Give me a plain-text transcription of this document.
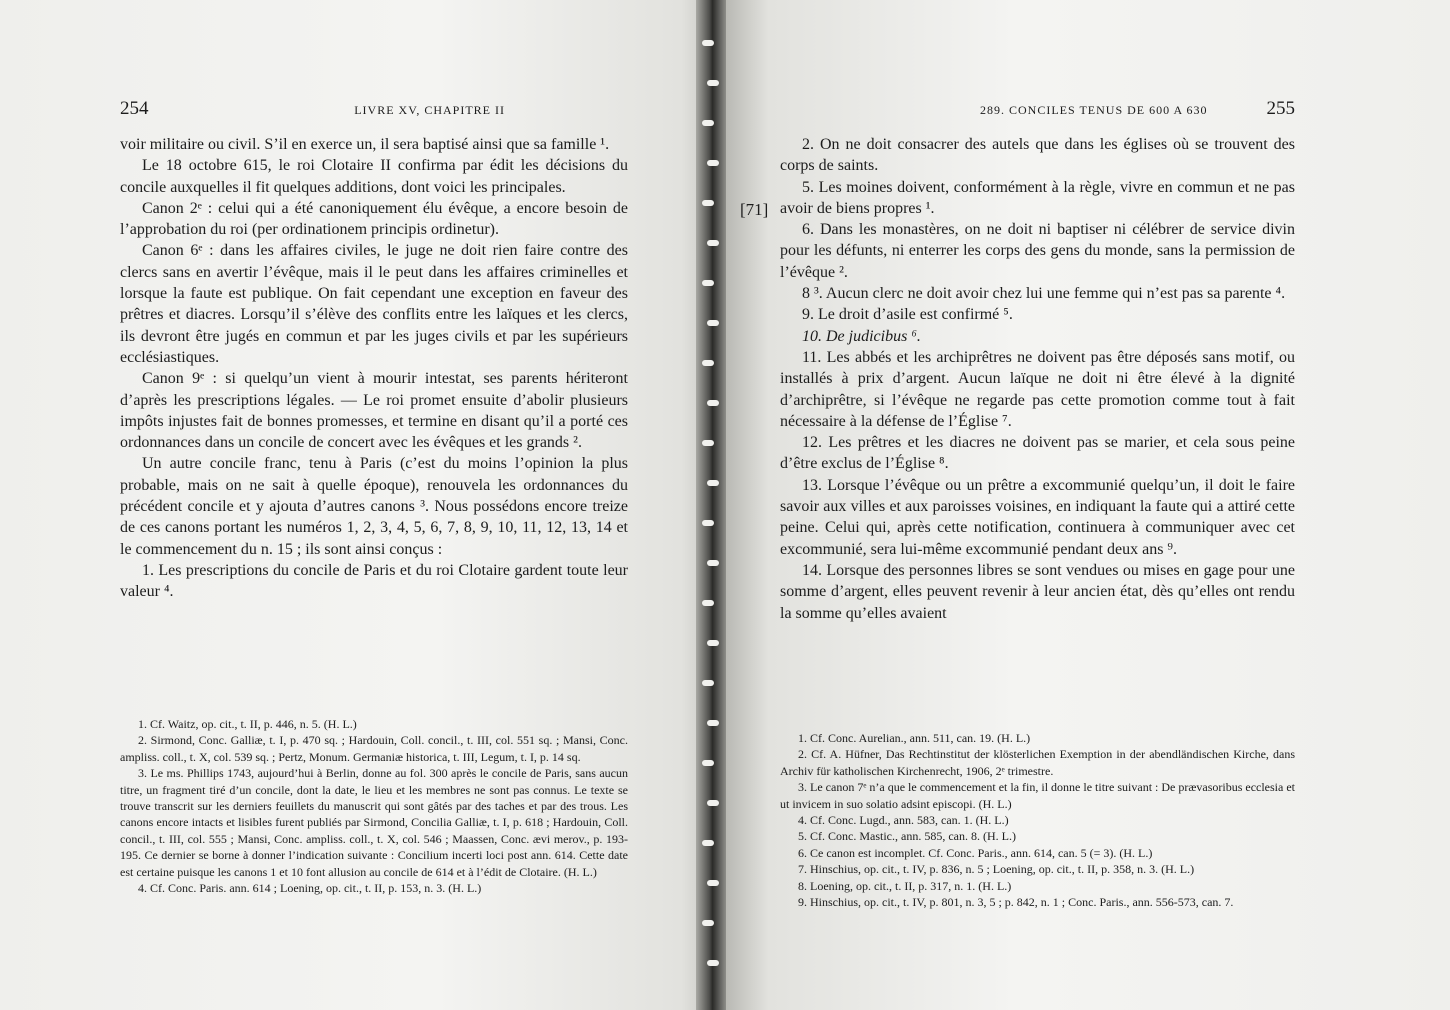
254	LIVRE XV, CHAPITRE II

voir militaire ou civil. S’il en exerce un, il sera baptisé ainsi que sa famille ¹.

Le 18 octobre 615, le roi Clotaire II confirma par édit les décisions du concile auxquelles il fit quelques additions, dont voici les principales.

Canon 2ᵉ : celui qui a été canoniquement élu évêque, a encore besoin de l’approbation du roi (per ordinationem principis ordinetur).

Canon 6ᵉ : dans les affaires civiles, le juge ne doit rien faire contre des clercs sans en avertir l’évêque, mais il le peut dans les affaires criminelles et lorsque la faute est publique. On fait cependant une exception en faveur des prêtres et diacres. Lorsqu’il s’élève des conflits entre les laïques et les clercs, ils devront être jugés en commun et par les juges civils et par les supérieurs ecclésiastiques.

Canon 9ᵉ : si quelqu’un vient à mourir intestat, ses parents hériteront d’après les prescriptions légales. — Le roi promet ensuite d’abolir plusieurs impôts injustes fait de bonnes promesses, et termine en disant qu’il a porté ces ordonnances dans un concile de concert avec les évêques et les grands ².

Un autre concile franc, tenu à Paris (c’est du moins l’opinion la plus probable, mais on ne sait à quelle époque), renouvela les ordonnances du précédent concile et y ajouta d’autres canons ³. Nous possédons encore treize de ces canons portant les numéros 1, 2, 3, 4, 5, 6, 7, 8, 9, 10, 11, 12, 13, 14 et le commencement du n. 15 ; ils sont ainsi conçus :

1. Les prescriptions du concile de Paris et du roi Clotaire gardent toute leur valeur ⁴.

1. Cf. Waitz, op. cit., t. II, p. 446, n. 5. (H. L.)

2. Sirmond, Conc. Galliæ, t. I, p. 470 sq. ; Hardouin, Coll. concil., t. III, col. 551 sq. ; Mansi, Conc. ampliss. coll., t. X, col. 539 sq. ; Pertz, Monum. Germaniæ historica, t. III, Legum, t. I, p. 14 sq.

3. Le ms. Phillips 1743, aujourd’hui à Berlin, donne au fol. 300 après le concile de Paris, sans aucun titre, un fragment tiré d’un concile, dont la date, le lieu et les membres ne sont pas connus. Le texte se trouve transcrit sur les derniers feuillets du manuscrit qui sont gâtés par des taches et par des trous. Les canons encore intacts et lisibles furent publiés par Sirmond, Concilia Galliæ, t. I, p. 618 ; Hardouin, Coll. concil., t. III, col. 555 ; Mansi, Conc. ampliss. coll., t. X, col. 546 ; Maassen, Conc. ævi merov., p. 193-195. Ce dernier se borne à donner l’indication suivante : Concilium incerti loci post ann. 614. Cette date est certaine puisque les canons 1 et 10 font allusion au concile de 614 et à l’édit de Clotaire. (H. L.)

4. Cf. Conc. Paris. ann. 614 ; Loening, op. cit., t. II, p. 153, n. 3. (H. L.)

289. CONCILES TENUS DE 600 A 630	255

2. On ne doit consacrer des autels que dans les églises où se trouvent des corps de saints.

5. Les moines doivent, conformément à la règle, vivre en commun et ne pas avoir de biens propres ¹.

6. Dans les monastères, on ne doit ni baptiser ni célébrer de service divin pour les défunts, ni enterrer les corps des gens du monde, sans la permission de l’évêque ².

8 ³. Aucun clerc ne doit avoir chez lui une femme qui n’est pas sa parente ⁴.

9. Le droit d’asile est confirmé ⁵.

10. De judicibus ⁶.

11. Les abbés et les archiprêtres ne doivent pas être déposés sans motif, ou installés à prix d’argent. Aucun laïque ne doit ni être élevé à la dignité d’archiprêtre, si l’évêque ne regarde pas cette promotion comme tout à fait nécessaire à la défense de l’Église ⁷.

12. Les prêtres et les diacres ne doivent pas se marier, et cela sous peine d’être exclus de l’Église ⁸.

13. Lorsque l’évêque ou un prêtre a excommunié quelqu’un, il doit le faire savoir aux villes et aux paroisses voisines, en indiquant la faute qui a attiré cette peine. Celui qui, après cette notification, continuera à communiquer avec cet excommunié, sera lui-même excommunié pendant deux ans ⁹.

14. Lorsque des personnes libres se sont vendues ou mises en gage pour une somme d’argent, elles peuvent revenir à leur ancien état, dès qu’elles ont rendu la somme qu’elles avaient

1. Cf. Conc. Aurelian., ann. 511, can. 19. (H. L.)

2. Cf. A. Hüfner, Das Rechtinstitut der klösterlichen Exemption in der abendländischen Kirche, dans Archiv für katholischen Kirchenrecht, 1906, 2ᵉ trimestre.

3. Le canon 7ᵉ n’a que le commencement et la fin, il donne le titre suivant : De prævasoribus ecclesia et ut invicem in suo solatio adsint episcopi. (H. L.)

4. Cf. Conc. Lugd., ann. 583, can. 1. (H. L.)

5. Cf. Conc. Mastic., ann. 585, can. 8. (H. L.)

6. Ce canon est incomplet. Cf. Conc. Paris., ann. 614, can. 5 (= 3). (H. L.)

7. Hinschius, op. cit., t. IV, p. 836, n. 5 ; Loening, op. cit., t. II, p. 358, n. 3. (H. L.)

8. Loening, op. cit., t. II, p. 317, n. 1. (H. L.)

9. Hinschius, op. cit., t. IV, p. 801, n. 3, 5 ; p. 842, n. 1 ; Conc. Paris., ann. 556-573, can. 7.

[71]
